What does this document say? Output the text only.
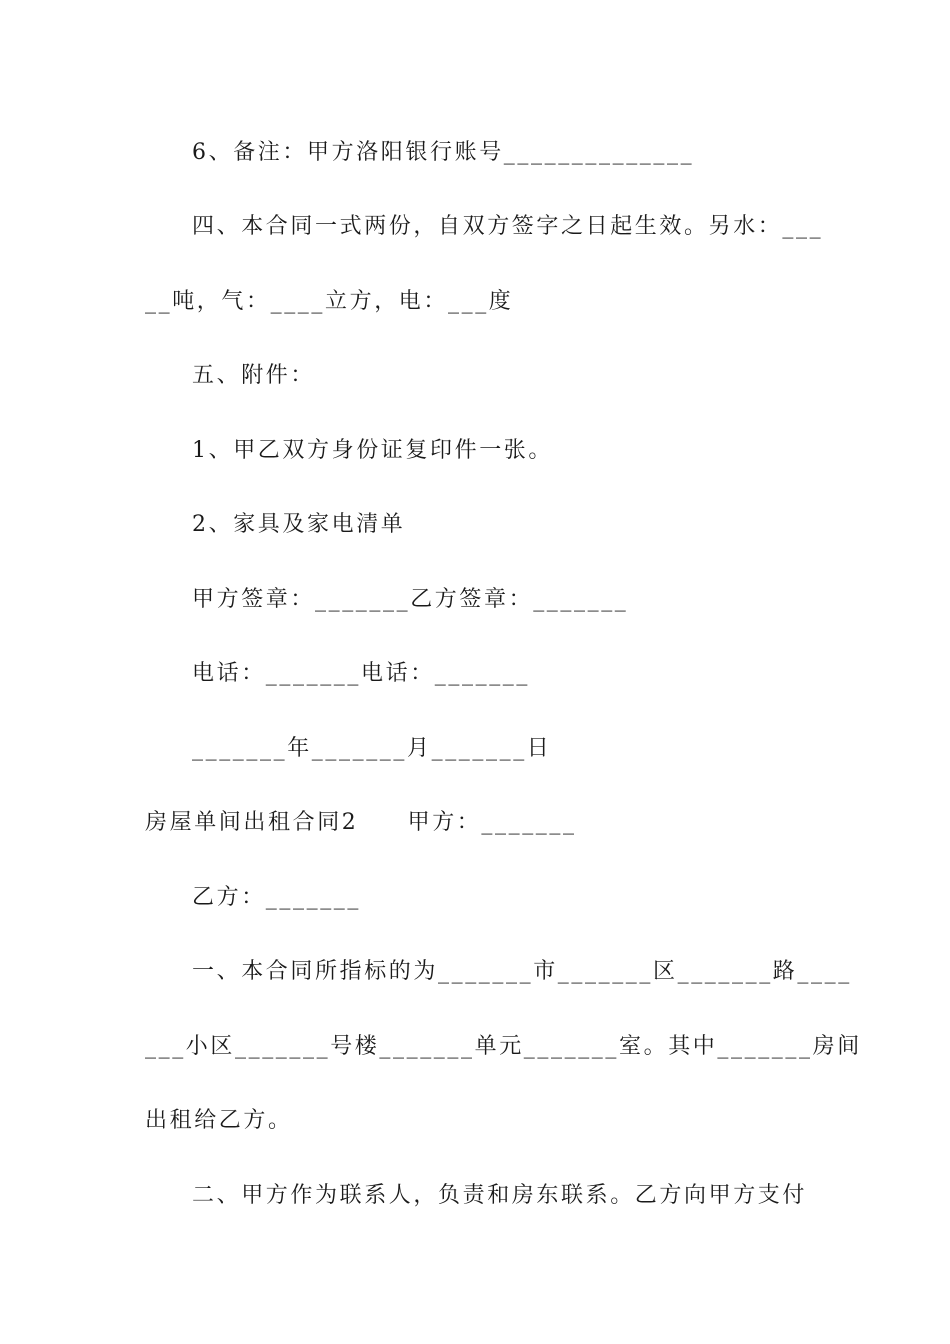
6、备注：甲方洛阳银行账号______________
四、本合同一式两份，自双方签字之日起生效。另水：___
__吨，气：____立方，电：___度
五、附件：
1、甲乙双方身份证复印件一张。
2、家具及家电清单
甲方签章：_______乙方签章：_______
电话：_______电话：_______
_______年_______月_______日
房屋单间出租合同2　　甲方：_______
乙方：_______
一、本合同所指标的为_______市_______区_______路____
___小区_______号楼_______单元_______室。其中_______房间
出租给乙方。
二、甲方作为联系人，负责和房东联系。乙方向甲方支付
